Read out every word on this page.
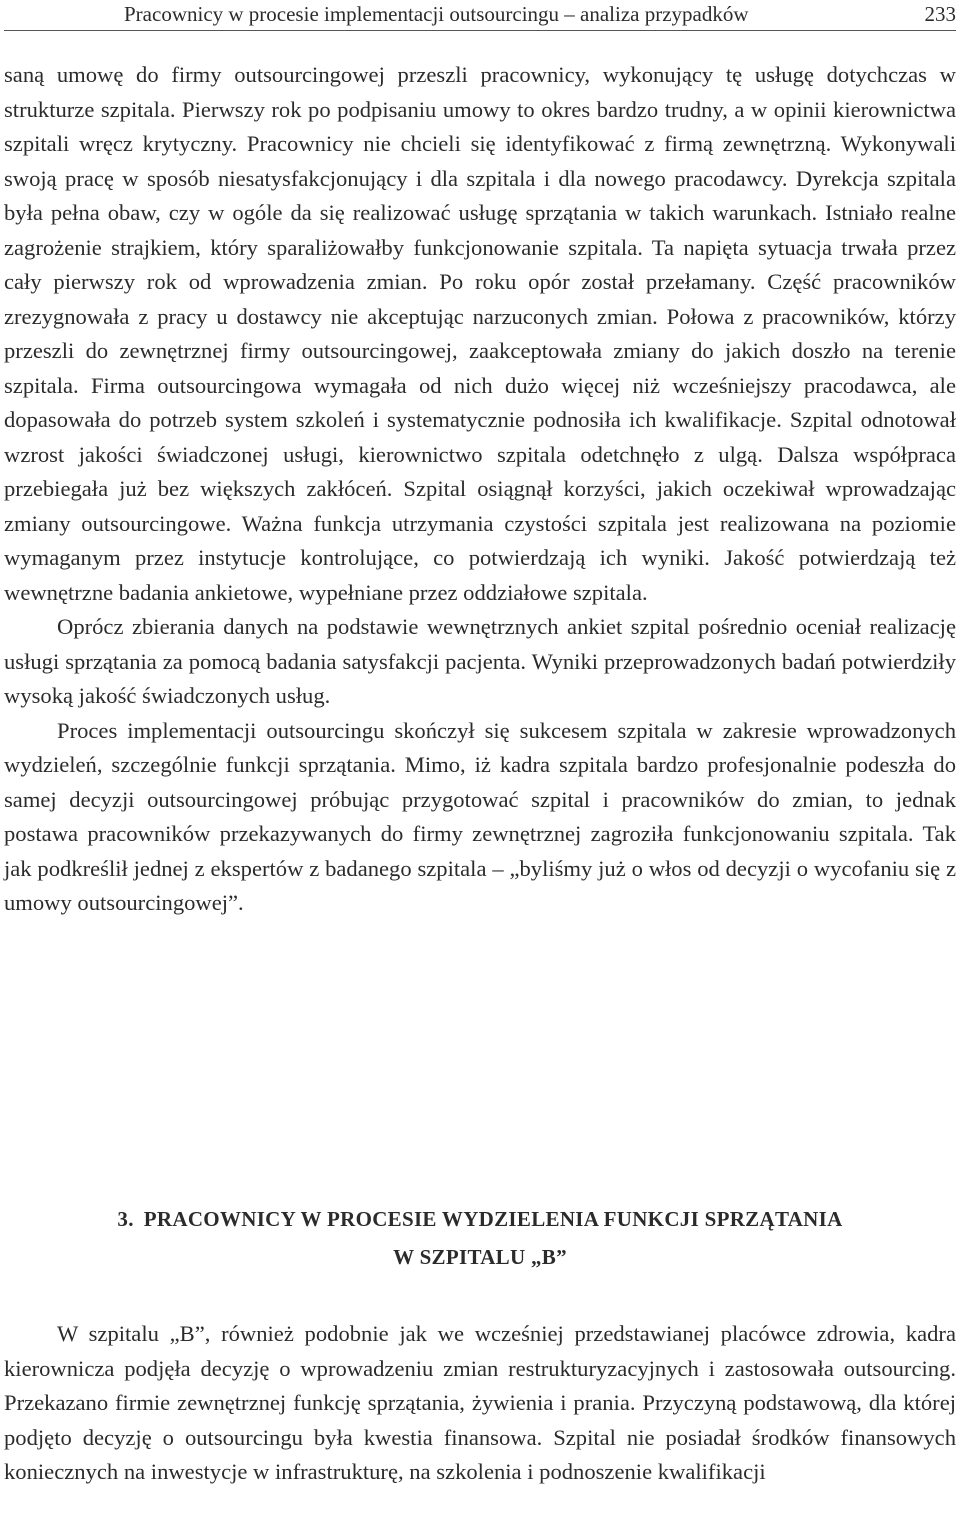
Pracownicy w procesie implementacji outsourcingu – analiza przypadków	233

saną umowę do firmy outsourcingowej przeszli pracownicy, wykonujący tę usługę dotychczas w strukturze szpitala. Pierwszy rok po podpisaniu umowy to okres bardzo trudny, a w opinii kierownictwa szpitali wręcz krytyczny. Pracownicy nie chcieli się identyfikować z firmą zewnętrzną. Wykonywali swoją pracę w sposób niesatysfakcjonujący i dla szpitala i dla nowego pracodawcy. Dyrekcja szpitala była pełna obaw, czy w ogóle da się realizować usługę sprzątania w takich warunkach. Istniało realne zagrożenie strajkiem, który sparaliżowałby funkcjonowanie szpitala. Ta napięta sytuacja trwała przez cały pierwszy rok od wprowadzenia zmian. Po roku opór został przełamany. Część pracowników zrezygnowała z pracy u dostawcy nie akceptując narzuconych zmian. Połowa z pracowników, którzy przeszli do zewnętrznej firmy outsourcingowej, zaakceptowała zmiany do jakich doszło na terenie szpitala. Firma outsourcingowa wymagała od nich dużo więcej niż wcześniejszy pracodawca, ale dopasowała do potrzeb system szkoleń i systematycznie podnosiła ich kwalifikacje. Szpital odnotował wzrost jakości świadczonej usługi, kierownictwo szpitala odetchnęło z ulgą. Dalsza współpraca przebiegała już bez większych zakłóceń. Szpital osiągnął korzyści, jakich oczekiwał wprowadzając zmiany outsourcingowe. Ważna funkcja utrzymania czystości szpitala jest realizowana na poziomie wymaganym przez instytucje kontrolujące, co potwierdzają ich wyniki. Jakość potwierdzają też wewnętrzne badania ankietowe, wypełniane przez oddziałowe szpitala.

Oprócz zbierania danych na podstawie wewnętrznych ankiet szpital pośrednio oceniał realizację usługi sprzątania za pomocą badania satysfakcji pacjenta. Wyniki przeprowadzonych badań potwierdziły wysoką jakość świadczonych usług.

Proces implementacji outsourcingu skończył się sukcesem szpitala w zakresie wprowadzonych wydzieleń, szczególnie funkcji sprzątania. Mimo, iż kadra szpitala bardzo profesjonalnie podeszła do samej decyzji outsourcingowej próbując przygotować szpital i pracowników do zmian, to jednak postawa pracowników przekazywanych do firmy zewnętrznej zagroziła funkcjonowaniu szpitala. Tak jak podkreślił jednej z ekspertów z badanego szpitala – „byliśmy już o włos od decyzji o wycofaniu się z umowy outsourcingowej”.

3. PRACOWNICY W PROCESIE WYDZIELENIA FUNKCJI SPRZĄTANIA
W SZPITALU „B”

W szpitalu „B”, również podobnie jak we wcześniej przedstawianej placówce zdrowia, kadra kierownicza podjęła decyzję o wprowadzeniu zmian restrukturyzacyjnych i zastosowała outsourcing. Przekazano firmie zewnętrznej funkcję sprzątania, żywienia i prania. Przyczyną podstawową, dla której podjęto decyzję o outsourcingu była kwestia finansowa. Szpital nie posiadał środków finansowych koniecznych na inwestycje w infrastrukturę, na szkolenia i podnoszenie kwalifikacji
